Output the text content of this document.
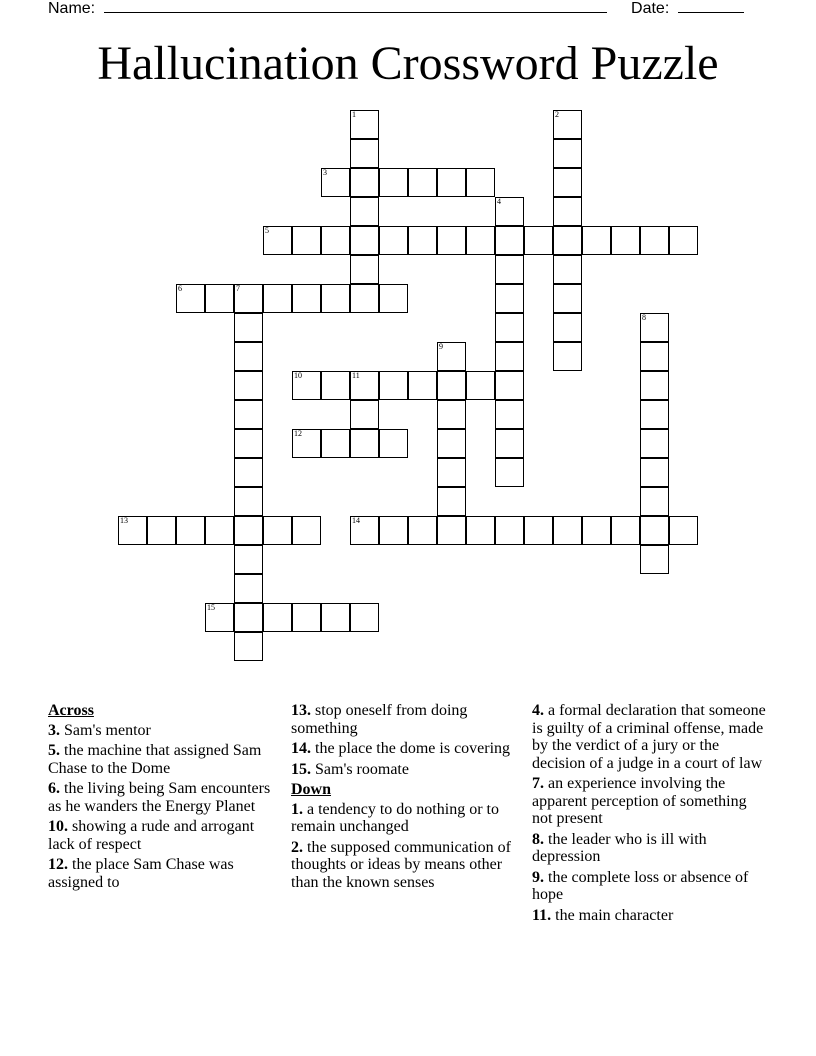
Name:	Date:
Hallucination Crossword Puzzle
1	2
3
4
5
6	7
8
9
10	11
12
13	14
15
Across
3. Sam's mentor
5. the machine that assigned Sam Chase to the Dome
6. the living being Sam encounters as he wanders the Energy Planet
10. showing a rude and arrogant lack of respect
12. the place Sam Chase was assigned to
13. stop oneself from doing something
14. the place the dome is covering
15. Sam's roomate
Down
1. a tendency to do nothing or to remain unchanged
2. the supposed communication of thoughts or ideas by means other than the known senses
4. a formal declaration that someone is guilty of a criminal offense, made by the verdict of a jury or the decision of a judge in a court of law
7. an experience involving the apparent perception of something not present
8. the leader who is ill with depression
9. the complete loss or absence of hope
11. the main character
